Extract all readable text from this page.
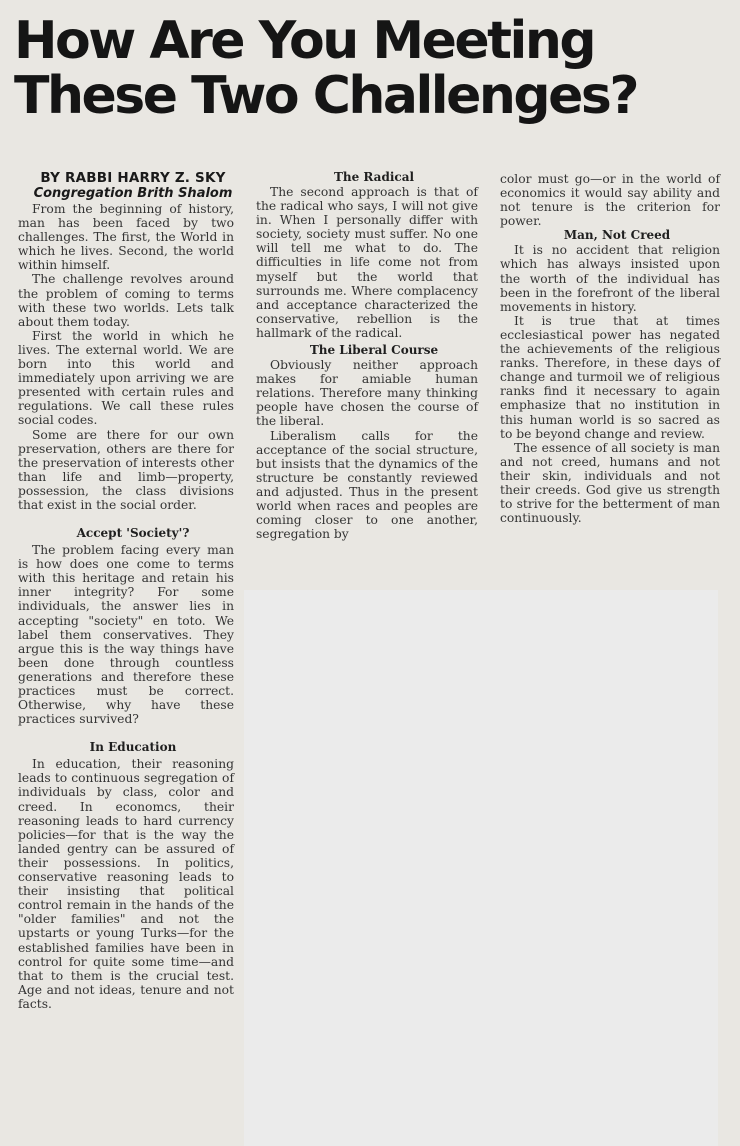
How Are You Meeting
These Two Challenges?

BY RABBI HARRY Z. SKY

Congregation Brith Shalom

From the beginning of history, man has been faced by two challenges. The first, the World in which he lives. Second, the world within himself.

The challenge revolves around the problem of coming to terms with these two worlds. Lets talk about them today.

First the world in which he lives. The external world. We are born into this world and immediately upon arriving we are presented with certain rules and regulations. We call these rules social codes.

Some are there for our own preservation, others are there for the preservation of interests other than life and limb—property, possession, the class divisions that exist in the social order.

Accept 'Society'?

The problem facing every man is how does one come to terms with this heritage and retain his inner integrity? For some individuals, the answer lies in accepting "society" en toto. We label them conservatives. They argue this is the way things have been done through countless generations and therefore these practices must be correct. Otherwise, why have these practices survived?

In Education

In education, their reasoning leads to continuous segregation of individuals by class, color and creed. In economcs, their reasoning leads to hard currency policies—for that is the way the landed gentry can be assured of their possessions. In politics, conservative reasoning leads to their insisting that political control remain in the hands of the "older families" and not the upstarts or young Turks—for the established families have been in control for quite some time—and that to them is the crucial test. Age and not ideas, tenure and not facts.

The Radical

The second approach is that of the radical who says, I will not give in. When I personally differ with society, society must suffer. No one will tell me what to do. The difficulties in life come not from myself but the world that surrounds me. Where complacency and acceptance characterized the conservative, rebellion is the hallmark of the radical.

The Liberal Course

Obviously neither approach makes for amiable human relations. Therefore many thinking people have chosen the course of the liberal.

Liberalism calls for the acceptance of the social structure, but insists that the dynamics of the structure be constantly reviewed and adjusted. Thus in the present world when races and peoples are coming closer to one another, segregation by

color must go—or in the world of economics it would say ability and not tenure is the criterion for power.

Man, Not Creed

It is no accident that religion which has always insisted upon the worth of the individual has been in the forefront of the liberal movements in history.

It is true that at times ecclesiastical power has negated the achievements of the religious ranks. Therefore, in these days of change and turmoil we of religious ranks find it necessary to again emphasize that no institution in this human world is so sacred as to be beyond change and review.

The essence of all society is man and not creed, humans and not their skin, individuals and not their creeds. God give us strength to strive for the betterment of man continuously.
